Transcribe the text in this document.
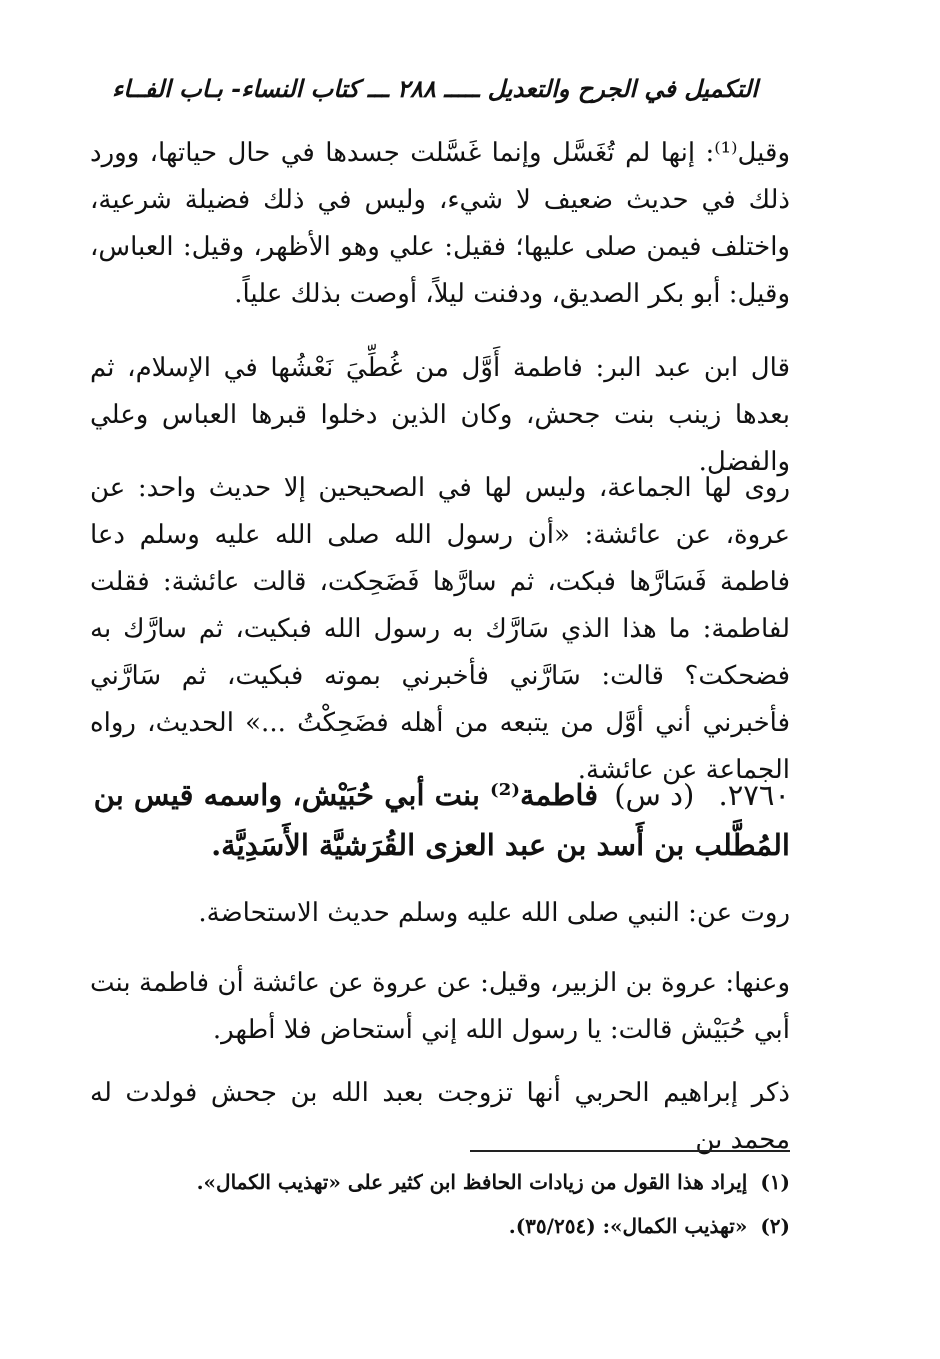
التكميل في الجرح والتعديل ـــــ ٢٨٨ ـــ كتاب النساء- بـاب الفــاء

وقيل⁽¹⁾: إنها لم تُغَسَّل وإنما غَسَّلت جسدها في حال حياتها، وورد ذلك في حديث ضعيف لا شيء، وليس في ذلك فضيلة شرعية، واختلف فيمن صلى عليها؛ فقيل: علي وهو الأظهر، وقيل: العباس، وقيل: أبو بكر الصديق، ودفنت ليلاً، أوصت بذلك علياً.

قال ابن عبد البر: فاطمة أَوَّل من غُطِّيَ نَعْشُها في الإسلام، ثم بعدها زينب بنت جحش، وكان الذين دخلوا قبرها العباس وعلي والفضل.

روى لها الجماعة، وليس لها في الصحيحين إلا حديث واحد: عن عروة، عن عائشة: «أن رسول الله صلى الله عليه وسلم دعا فاطمة فَسَارَّها فبكت، ثم سارَّها فَضَحِكت، قالت عائشة: فقلت لفاطمة: ما هذا الذي سَارَّك به رسول الله فبكيت، ثم سارَّك به فضحكت؟ قالت: سَارَّني فأخبرني بموته فبكيت، ثم سَارَّني فأخبرني أني أوَّل من يتبعه من أهله فضَحِكْتُ ...» الحديث، رواه الجماعة عن عائشة.

٢٧٦٠. (د س) فاطمة⁽²⁾ بنت أبي حُبَيْش، واسمه قيس بن المُطَّلب بن أَسد بن عبد العزى القُرَشيَّة الأَسَدِيَّة.

روت عن: النبي صلى الله عليه وسلم حديث الاستحاضة.

وعنها: عروة بن الزبير، وقيل: عن عروة عن عائشة أن فاطمة بنت أبي حُبَيْش قالت: يا رسول الله إني أستحاض فلا أطهر.

ذكر إبراهيم الحربي أنها تزوجت بعبد الله بن جحش فولدت له محمد بن

(١) إيراد هذا القول من زيادات الحافظ ابن كثير على «تهذيب الكمال».
(٢) «تهذيب الكمال»: (٣٥/٢٥٤).
